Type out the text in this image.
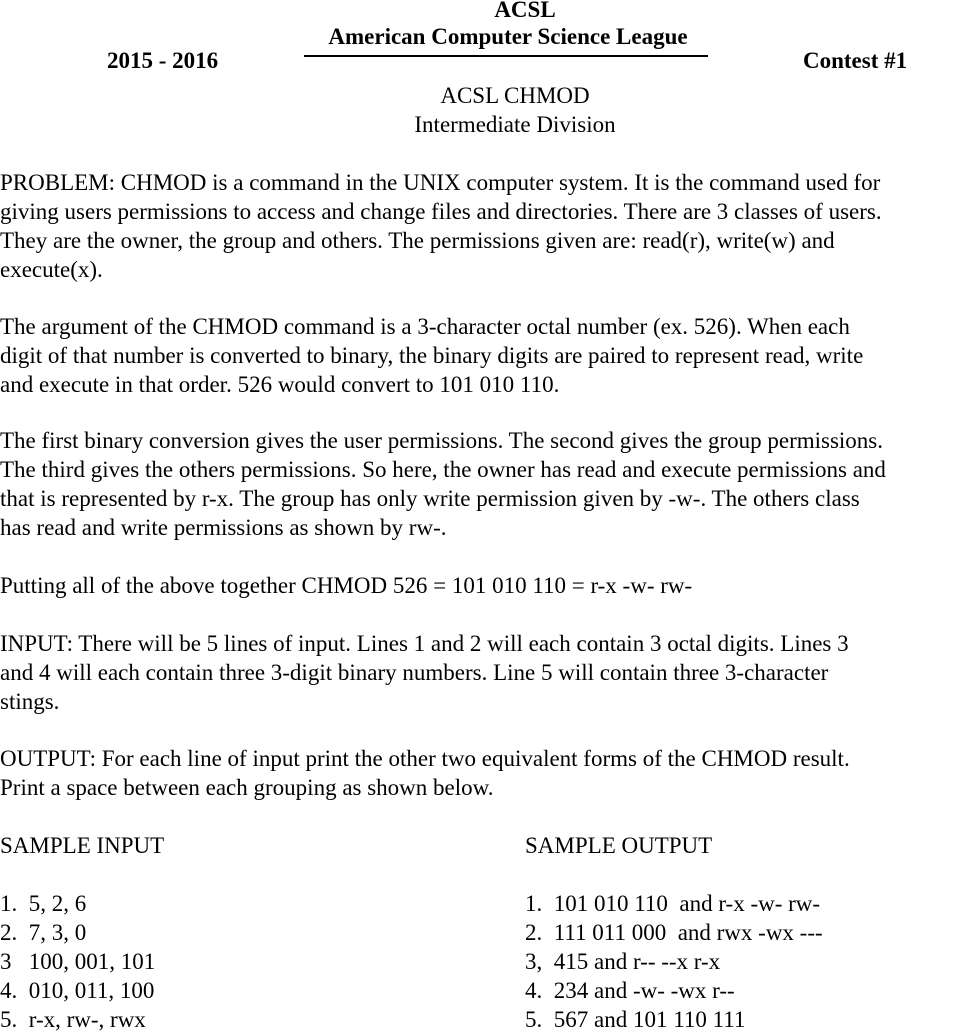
ACSL
American Computer Science League
2015 - 2016	Contest #1
ACSL CHMOD
Intermediate Division
PROBLEM: CHMOD is a command in the UNIX computer system. It is the command used for
giving users permissions to access and change files and directories. There are 3 classes of users.
They are the owner, the group and others. The permissions given are: read(r), write(w) and
execute(x).
The argument of the CHMOD command is a 3-character octal number (ex. 526). When each
digit of that number is converted to binary, the binary digits are paired to represent read, write
and execute in that order. 526 would convert to 101 010 110.
The first binary conversion gives the user permissions. The second gives the group permissions.
The third gives the others permissions. So here, the owner has read and execute permissions and
that is represented by r-x. The group has only write permission given by -w-. The others class
has read and write permissions as shown by rw-.
Putting all of the above together CHMOD 526 = 101 010 110 = r-x -w- rw-
INPUT: There will be 5 lines of input. Lines 1 and 2 will each contain 3 octal digits. Lines 3
and 4 will each contain three 3-digit binary numbers. Line 5 will contain three 3-character
stings.
OUTPUT: For each line of input print the other two equivalent forms of the CHMOD result.
Print a space between each grouping as shown below.
SAMPLE INPUT
1.  5, 2, 6
2.  7, 3, 0
3   100, 001, 101
4.  010, 011, 100
5.  r-x, rw-, rwx
SAMPLE OUTPUT
1.  101 010 110  and r-x -w- rw-
2.  111 011 000  and rwx -wx ---
3,  415 and r-- --x r-x
4.  234 and -w- -wx r--
5.  567 and 101 110 111
